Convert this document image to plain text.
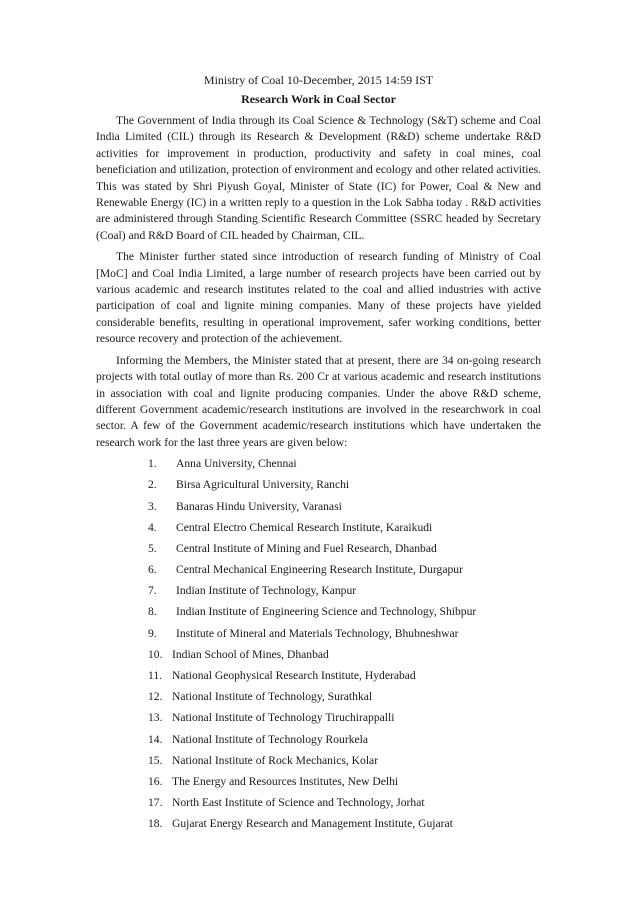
Ministry of Coal 10-December, 2015 14:59 IST

Research Work in Coal Sector

The Government of India through its Coal Science & Technology (S&T) scheme and Coal India Limited (CIL) through its Research & Development (R&D) scheme undertake R&D activities for improvement in production, productivity and safety in coal mines, coal beneficiation and utilization, protection of environment and ecology and other related activities. This was stated by Shri Piyush Goyal, Minister of State (IC) for Power, Coal & New and Renewable Energy (IC) in a written reply to a question in the Lok Sabha today . R&D activities are administered through Standing Scientific Research Committee (SSRC headed by Secretary (Coal) and R&D Board of CIL headed by Chairman, CIL.

The Minister further stated since introduction of research funding of Ministry of Coal [MoC] and Coal India Limited, a large number of research projects have been carried out by various academic and research institutes related to the coal and allied industries with active participation of coal and lignite mining companies. Many of these projects have yielded considerable benefits, resulting in operational improvement, safer working conditions, better resource recovery and protection of the achievement.

Informing the Members, the Minister stated that at present, there are 34 on-going research projects with total outlay of more than Rs. 200 Cr at various academic and research institutions in association with coal and lignite producing companies. Under the above R&D scheme, different Government academic/research institutions are involved in the researchwork in coal sector. A few of the Government academic/research institutions which have undertaken the research work for the last three years are given below:

1.	Anna University, Chennai
2.	Birsa Agricultural University, Ranchi
3.	Banaras Hindu University, Varanasi
4.	Central Electro Chemical Research Institute, Karaikudi
5.	Central Institute of Mining and Fuel Research, Dhanbad
6.	Central Mechanical Engineering Research Institute, Durgapur
7.	Indian Institute of Technology, Kanpur
8.	Indian Institute of Engineering Science and Technology, Shibpur
9.	Institute of Mineral and Materials Technology, Bhubneshwar
10. Indian School of Mines, Dhanbad
11. National Geophysical Research Institute, Hyderabad
12. National Institute of Technology, Surathkal
13. National Institute of Technology Tiruchirappalli
14. National Institute of Technology Rourkela
15. National Institute of Rock Mechanics, Kolar
16. The Energy and Resources Institutes, New Delhi
17. North East Institute of Science and Technology, Jorhat
18. Gujarat Energy Research and Management Institute, Gujarat
